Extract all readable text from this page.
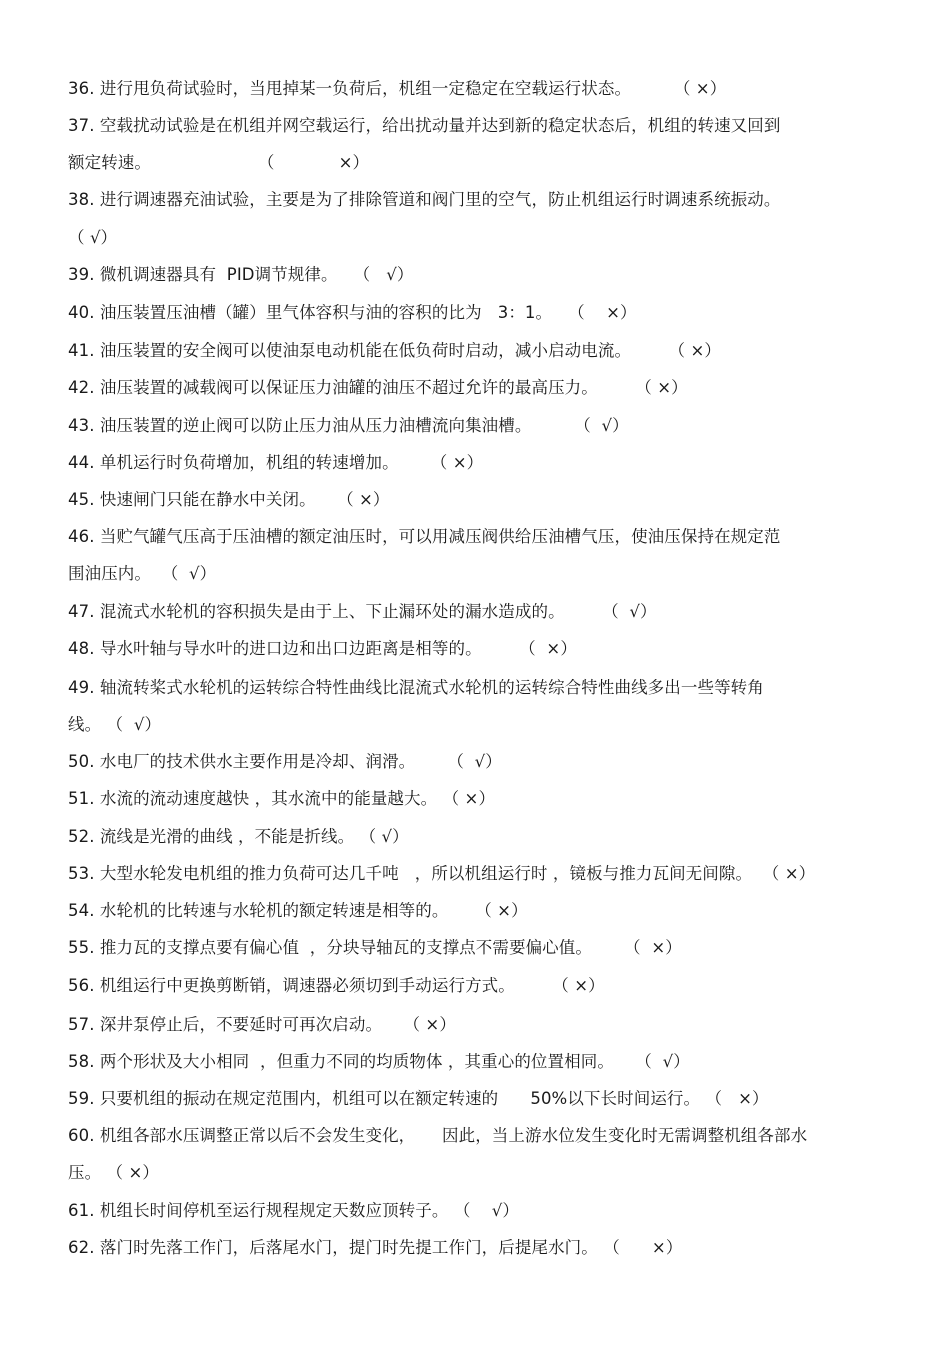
36. 进行甩负荷试验时，当甩掉某一负荷后，机组一定稳定在空载运行状态。        （ ×）
37. 空载扰动试验是在机组并网空载运行，给出扰动量并达到新的稳定状态后，机组的转速又回到
额定转速。                    （            ×）
38. 进行调速器充油试验，主要是为了排除管道和阀门里的空气，防止机组运行时调速系统振动。
（ √）
39. 微机调速器具有  PID调节规律。   （   √）
40. 油压装置压油槽（罐）里气体容积与油的容积的比为   3：1。   （    ×）
41. 油压装置的安全阀可以使油泵电动机能在低负荷时启动，减小启动电流。       （ ×）
42. 油压装置的减载阀可以保证压力油罐的油压不超过允许的最高压力。       （ ×）
43. 油压装置的逆止阀可以防止压力油从压力油槽流向集油槽。        （  √）
44. 单机运行时负荷增加，机组的转速增加。      （ ×）
45. 快速闸门只能在静水中关闭。    （ ×）
46. 当贮气罐气压高于压油槽的额定油压时，可以用减压阀供给压油槽气压，使油压保持在规定范
围油压内。  （  √）
47. 混流式水轮机的容积损失是由于上、下止漏环处的漏水造成的。       （  √）
48. 导水叶轴与导水叶的进口边和出口边距离是相等的。       （  ×）
49. 轴流转桨式水轮机的运转综合特性曲线比混流式水轮机的运转综合特性曲线多出一些等转角
线。 （  √）
50. 水电厂的技术供水主要作用是冷却、润滑。      （  √）
51. 水流的流动速度越快 ，其水流中的能量越大。 （ ×）
52. 流线是光滑的曲线 ，不能是折线。 （ √）
53. 大型水轮发电机组的推力负荷可达几千吨   ，所以机组运行时 ，镜板与推力瓦间无间隙。  （ ×）
54. 水轮机的比转速与水轮机的额定转速是相等的。     （ ×）
55. 推力瓦的支撑点要有偏心值  ，分块导轴瓦的支撑点不需要偏心值。      （  ×）
56. 机组运行中更换剪断销，调速器必须切到手动运行方式。       （ ×）
57. 深井泵停止后，不要延时可再次启动。    （ ×）
58. 两个形状及大小相同  ，但重力不同的均质物体 ，其重心的位置相同。    （  √）
59. 只要机组的振动在规定范围内，机组可以在额定转速的      50%以下长时间运行。 （   ×）
60. 机组各部水压调整正常以后不会发生变化，     因此，当上游水位发生变化时无需调整机组各部水
压。 （ ×）
61. 机组长时间停机至运行规程规定天数应顶转子。 （    √）
62. 落门时先落工作门，后落尾水门，提门时先提工作门，后提尾水门。 （      ×）
